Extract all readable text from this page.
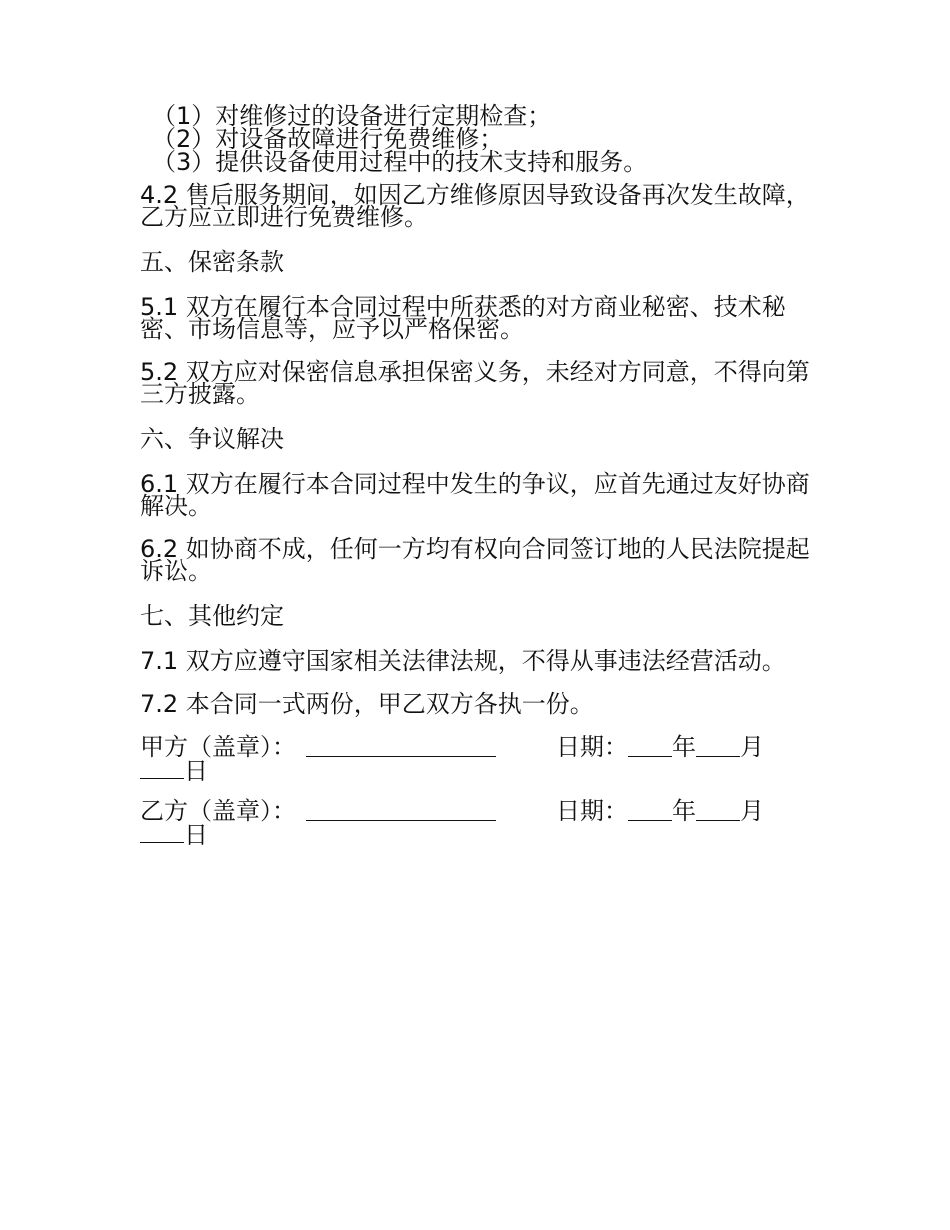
（1）对维修过的设备进行定期检查；
（2）对设备故障进行免费维修；
（3）提供设备使用过程中的技术支持和服务。

4.2 售后服务期间，如因乙方维修原因导致设备再次发生故障，乙方应立即进行免费维修。

五、保密条款

5.1 双方在履行本合同过程中所获悉的对方商业秘密、技术秘密、市场信息等，应予以严格保密。

5.2 双方应对保密信息承担保密义务，未经对方同意，不得向第三方披露。

六、争议解决

6.1 双方在履行本合同过程中发生的争议，应首先通过友好协商解决。

6.2 如协商不成，任何一方均有权向合同签订地的人民法院提起诉讼。

七、其他约定

7.1 双方应遵守国家相关法律法规，不得从事违法经营活动。

7.2 本合同一式两份，甲乙双方各执一份。

甲方（盖章）：	日期： 年 月
日
乙方（盖章）：	日期： 年 月
日
